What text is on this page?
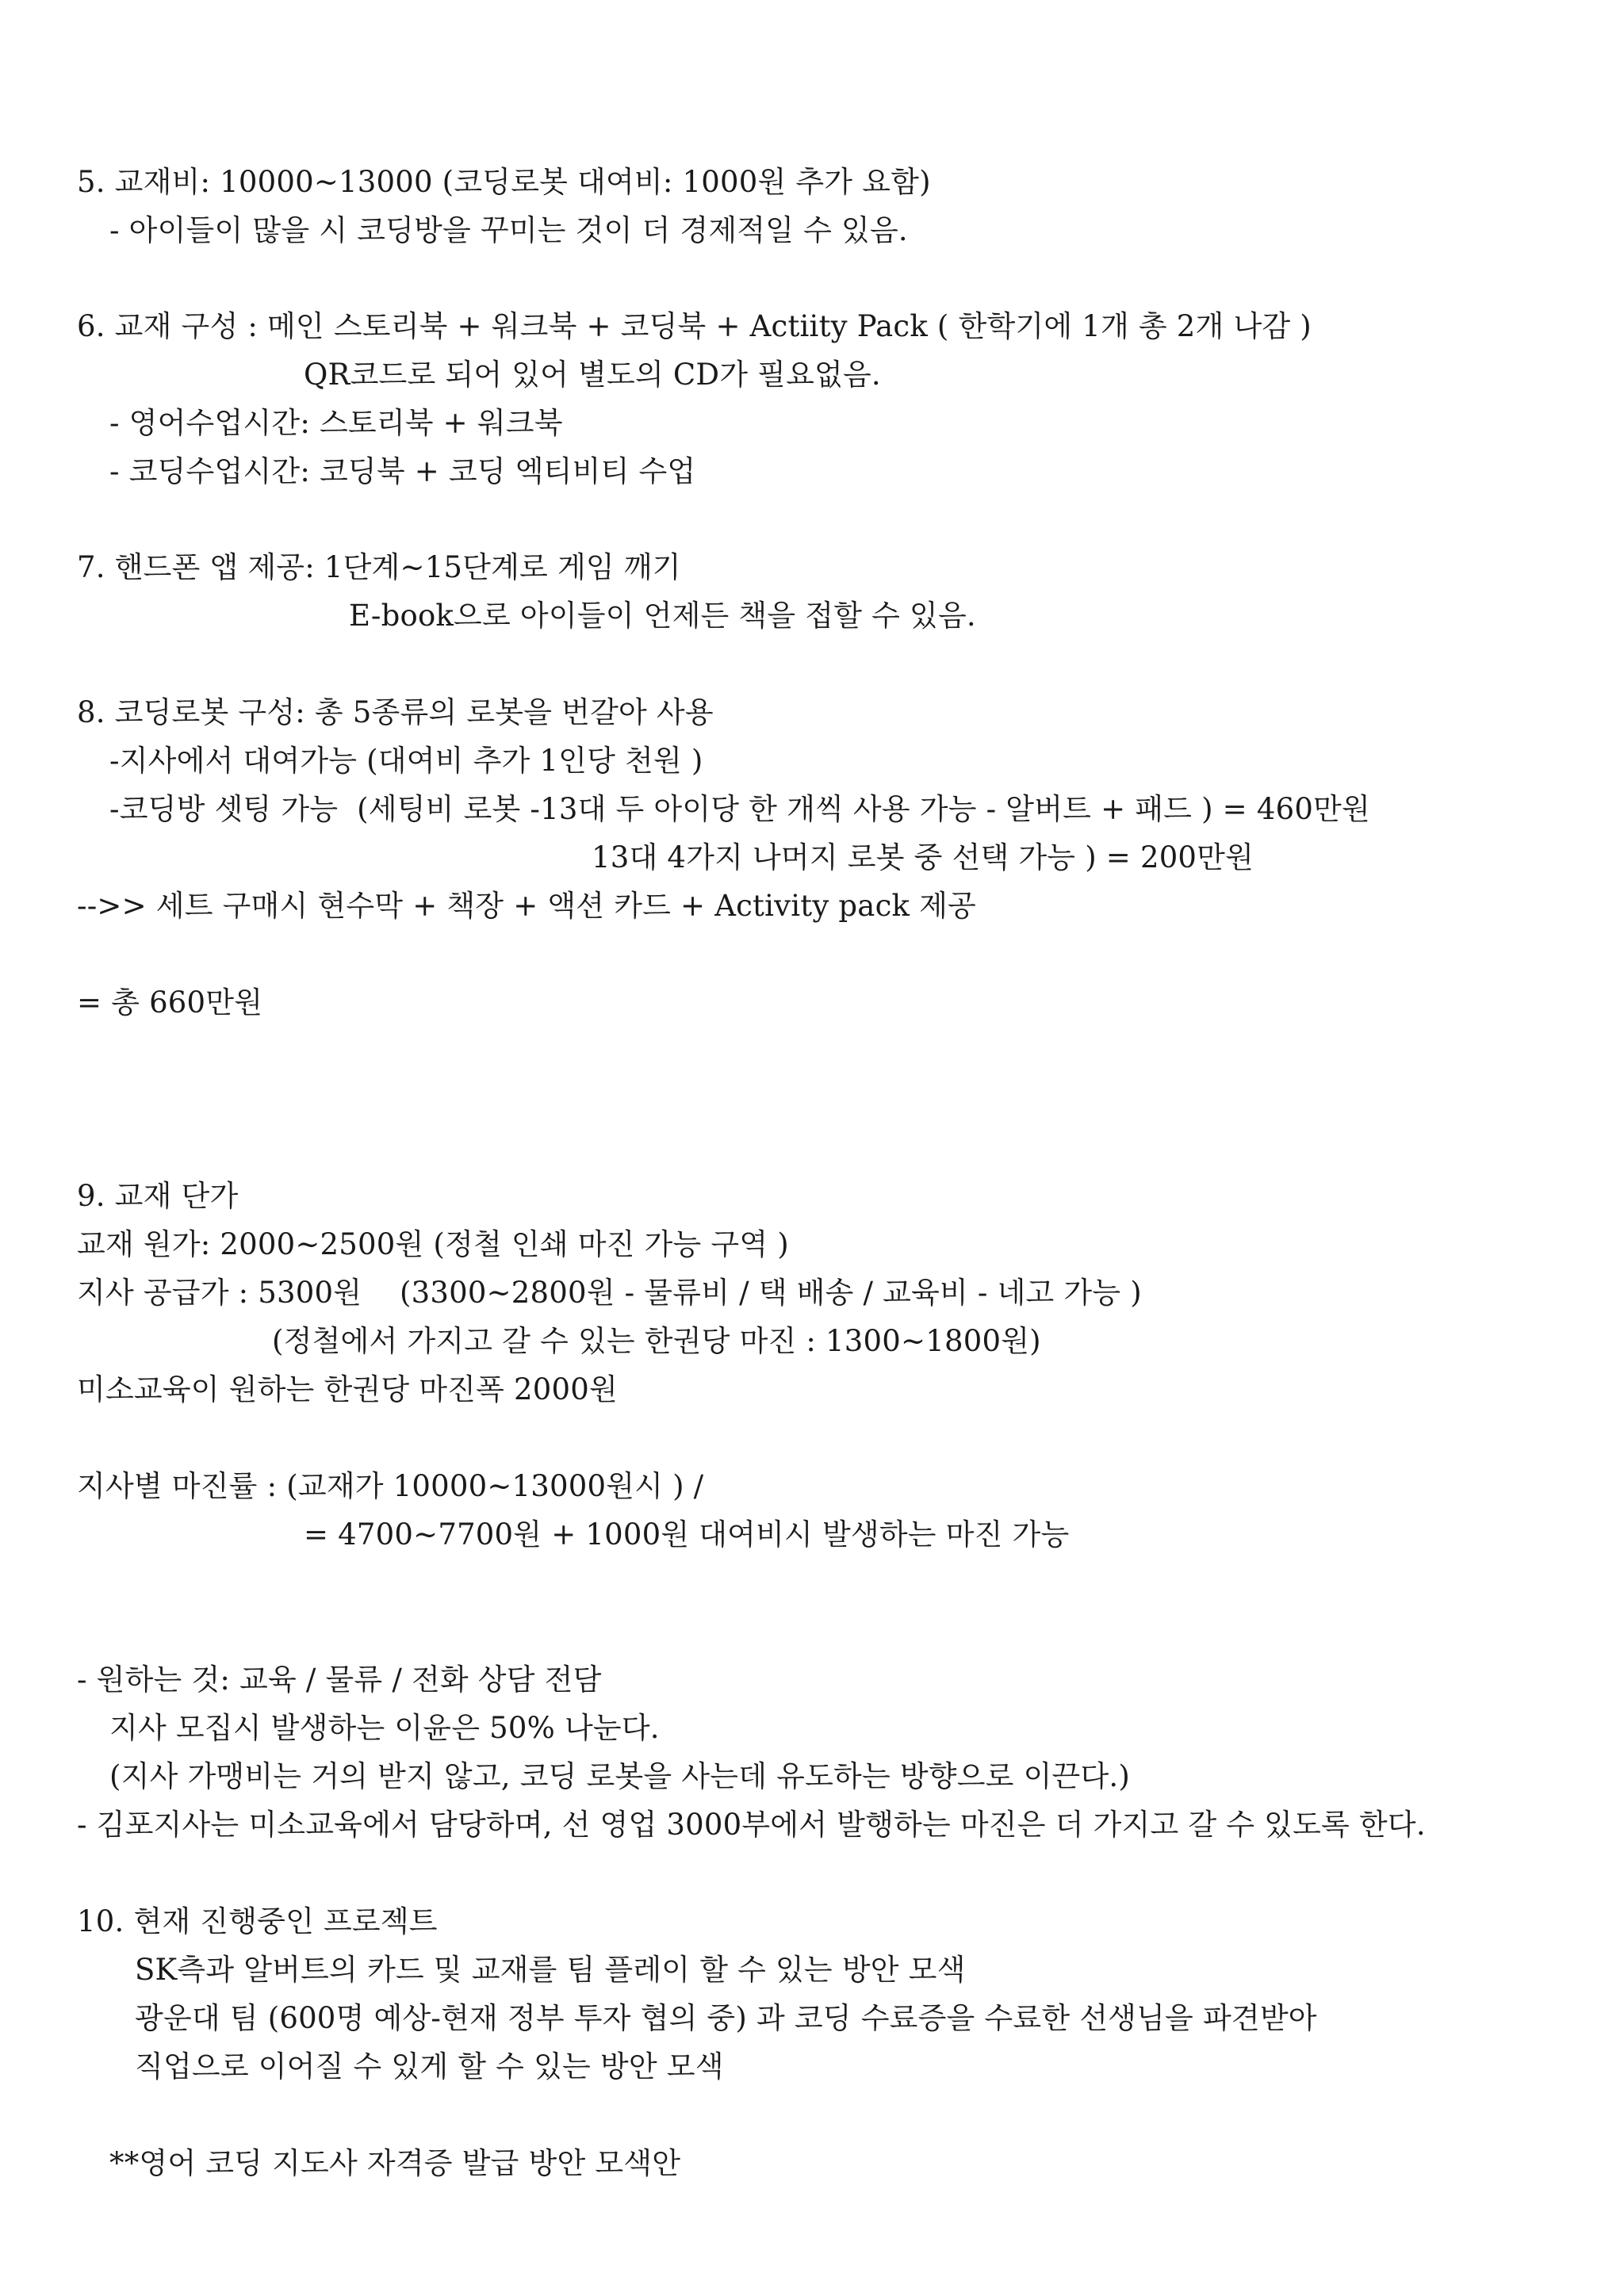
5. 교재비: 10000~13000 (코딩로봇 대여비: 1000원 추가 요함)
- 아이들이 많을 시 코딩방을 꾸미는 것이 더 경제적일 수 있음.
6. 교재 구성 : 메인 스토리북 + 워크북 + 코딩북 + Actiity Pack ( 한학기에 1개 총 2개 나감 )
QR코드로 되어 있어 별도의 CD가 필요없음.
- 영어수업시간: 스토리북 + 워크북
- 코딩수업시간: 코딩북 + 코딩 엑티비티 수업
7. 핸드폰 앱 제공: 1단계~15단계로 게임 깨기
E-book으로 아이들이 언제든 책을 접할 수 있음.
8. 코딩로봇 구성: 총 5종류의 로봇을 번갈아 사용
-지사에서 대여가능 (대여비 추가 1인당 천원 )
-코딩방 셋팅 가능  (세팅비 로봇 -13대 두 아이당 한 개씩 사용 가능 - 알버트 + 패드 ) = 460만원
13대 4가지 나머지 로봇 중 선택 가능 ) = 200만원
-->> 세트 구매시 현수막 + 책장 + 액션 카드 + Activity pack 제공
= 총 660만원
9. 교재 단가
교재 원가: 2000~2500원 (정철 인쇄 마진 가능 구역 )
지사 공급가 : 5300원    (3300~2800원 - 물류비 / 택 배송 / 교육비 - 네고 가능 )
(정철에서 가지고 갈 수 있는 한권당 마진 : 1300~1800원)
미소교육이 원하는 한권당 마진폭 2000원
지사별 마진률 : (교재가 10000~13000원시 ) /
= 4700~7700원 + 1000원 대여비시 발생하는 마진 가능
- 원하는 것: 교육 / 물류 / 전화 상담 전담
지사 모집시 발생하는 이윤은 50% 나눈다.
(지사 가맹비는 거의 받지 않고, 코딩 로봇을 사는데 유도하는 방향으로 이끈다.)
- 김포지사는 미소교육에서 담당하며, 선 영업 3000부에서 발행하는 마진은 더 가지고 갈 수 있도록 한다.
10. 현재 진행중인 프로젝트
SK측과 알버트의 카드 및 교재를 팀 플레이 할 수 있는 방안 모색
광운대 팀 (600명 예상-현재 정부 투자 협의 중) 과 코딩 수료증을 수료한 선생님을 파견받아
직업으로 이어질 수 있게 할 수 있는 방안 모색
**영어 코딩 지도사 자격증 발급 방안 모색안
